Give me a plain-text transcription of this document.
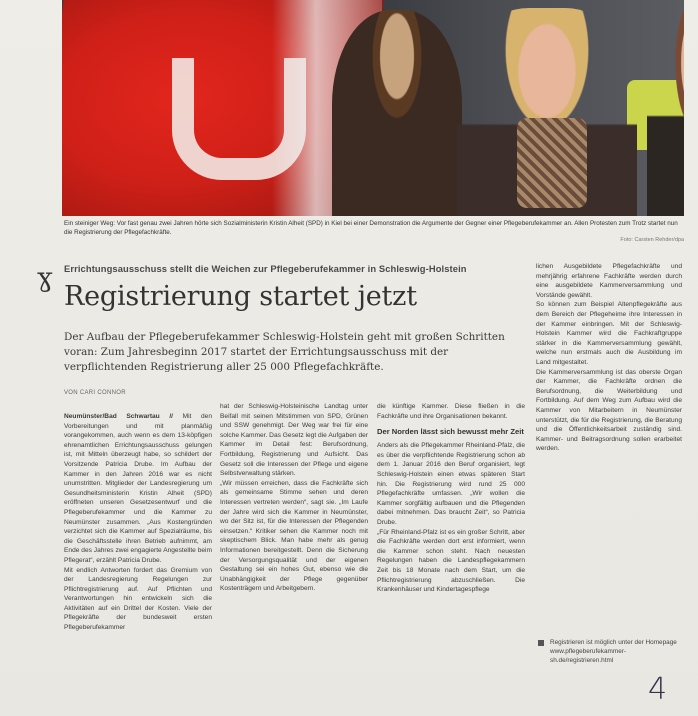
Ein steiniger Weg: Vor fast genau zwei Jahren hörte sich Sozialministerin Kristin Alheit (SPD) in Kiel bei einer Demonstration die Argumente der Gegner einer Pflegeberufekammer an. Allen Protesten zum Trotz startet nun die Registrierung der Pflegefachkräfte.
Foto: Carsten Rehder/dpa
ɣ	Errichtungsausschuss stellt die Weichen zur Pflegeberufekammer in Schleswig-Holstein
Registrierung startet jetzt
Der Aufbau der Pflegeberufekammer Schleswig-Holstein geht mit großen Schritten voran: Zum Jahresbeginn 2017 startet der Errichtungsausschuss mit der verpflichtenden Registrierung aller 25 000 Pflegefachkräfte.
VON CARI CONNOR

Neumünster/Bad Schwartau // Mit den Vorbereitungen und mit planmäßig vorangekommen, auch wenn es dem 13-köpfigen ehrenamtlichen Errichtungsausschuss gelungen ist, mit Mitteln überzeugt habe, so schildert der Vorsitzende Patricia Drube. Im Aufbau der Kammer in den Jahren 2016 war es nicht unumstritten. Mitglieder der Landesregierung um Gesundheitsministerin Kristin Alheit (SPD) eröffneten unseren Gesetzesentwurf und die Pflegeberufekammer und die Kammer zu Neumünster zusammen. „Aus Kostengründen verzichtet sich die Kammer auf Spezialräume, bis die Geschäftsstelle ihren Betrieb aufnimmt, am Ende des Jahres zwei engagierte Angestellte beim Pflegerat“, erzählt Patricia Drube.

Mit endlich Antworten fordert das Gremium von der Landesregierung Regelungen zur Pflichtregistrierung auf. Auf Pflichten und Verantwortungen hin entwickeln sich die Aktivitäten auf ein Drittel der Kosten. Viele der Pflegekräfte der bundesweit ersten Pflegeberufekammer

hat der Schleswig-Holsteinische Landtag unter Beifall mit seinen Mitstimmen von SPD, Grünen und SSW genehmigt. Der Weg war frei für eine solche Kammer. Das Gesetz legt die Aufgaben der Kammer im Detail fest: Berufsordnung, Fortbildung, Registrierung und Aufsicht. Das Gesetz soll die Interessen der Pflege und eigene Selbstverwaltung stärken.

„Wir müssen erreichen, dass die Fachkräfte sich als gemeinsame Stimme sehen und deren Interessen vertreten werden“, sagt sie. „Im Laufe der Jahre wird sich die Kammer in Neumünster, wo der Sitz ist, für die Interessen der Pflegenden einsetzen.“ Kritiker sehen die Kammer noch mit skeptischem Blick. Man habe mehr als genug Informationen bereitgestellt. Denn die Sicherung der Versorgungsqualität und der eigenen Gestaltung sei ein hohes Gut, ebenso wie die Unabhängigkeit der Pflege gegenüber Kostenträgern und Arbeitgebern.

die künftige Kammer. Diese fließen in die Fachkräfte und ihre Organisationen bekannt.

Der Norden lässt sich bewusst mehr Zeit

Anders als die Pflegekammer Rheinland-Pfalz, die es über die verpflichtende Registrierung schon ab dem 1. Januar 2016 den Beruf organisiert, legt Schleswig-Holstein einen etwas späteren Start hin. Die Registrierung wird rund 25 000 Pflegefachkräfte umfassen. „Wir wollen die Kammer sorgfältig aufbauen und die Pflegenden dabei mitnehmen. Das braucht Zeit“, so Patricia Drube.

„Für Rheinland-Pfalz ist es ein großer Schritt, aber die Fachkräfte werden dort erst informiert, wenn die Kammer schon steht. Nach neuesten Regelungen haben die Landespflegekammern Zeit bis 18 Monate nach dem Start, um die Pflichtregistrierung abzuschließen. Die Krankenhäuser und Kindertagespflege

lichen Ausgebildete Pflegefachkräfte und mehrjährig erfahrene Fachkräfte werden durch eine ausgebildete Kammerversammlung und Vorstände gewählt.

So können zum Beispiel Altenpflegekräfte aus dem Bereich der Pflegeheime ihre Interessen in der Kammer einbringen. Mit der Schleswig-Holstein Kammer wird die Fachkraftgruppe stärker in die Kammerversammlung gewählt, welche nun erstmals auch die Ausbildung im Land mitgestaltet.

Die Kammerversammlung ist das oberste Organ der Kammer, die Fachkräfte ordnen die Berufsordnung, die Weiterbildung und Fortbildung. Auf dem Weg zum Aufbau wird die Kammer von Mitarbeitern in Neumünster unterstützt, die für die Registrierung, die Beratung und die Öffentlichkeitsarbeit zuständig sind. Kammer- und Beitragsordnung sollen erarbeitet werden.

Registrieren ist möglich unter der Homepage www.pflegeberufekammer-sh.de/registrieren.html
4
